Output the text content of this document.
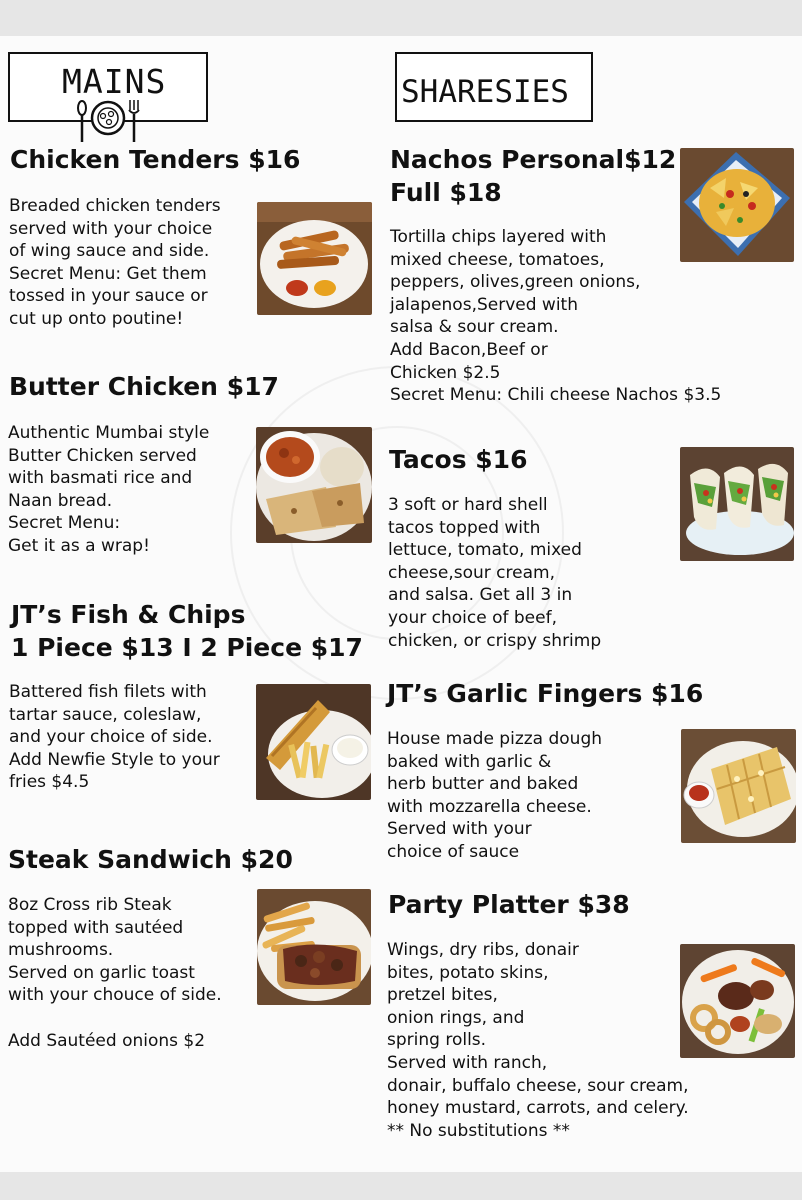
MAINS	SHARESIES
Chicken Tenders $16
Breaded chicken tenders
served with your choice
of wing sauce and side.
Secret Menu: Get them
tossed in your sauce or
cut up onto poutine!
Butter Chicken $17
Authentic Mumbai style
Butter Chicken served
with basmati rice and
Naan bread.
Secret Menu:
Get it as a wrap!
JT’s Fish & Chips
1 Piece $13 I 2 Piece $17
Battered fish filets with
tartar sauce, coleslaw,
and your choice of side.
Add Newfie Style to your
fries $4.5
Steak Sandwich $20
8oz Cross rib Steak
topped with sautéed
mushrooms.
Served on garlic toast
with your chouce of side.
Add Sautéed onions $2
Nachos Personal$12
Full $18
Tortilla chips layered with
mixed cheese, tomatoes,
peppers, olives,green onions,
jalapenos,Served with
salsa & sour cream.
Add Bacon,Beef or
Chicken $2.5
Secret Menu: Chili cheese Nachos $3.5
Tacos $16
3 soft or hard shell
tacos topped with
lettuce, tomato, mixed
cheese,sour cream,
and salsa. Get all 3 in
your choice of beef,
chicken, or crispy shrimp
JT’s Garlic Fingers $16
House made pizza dough
baked with garlic &
herb butter and baked
with mozzarella cheese.
Served with your
choice of sauce
Party Platter $38
Wings, dry ribs, donair
bites, potato skins,
pretzel bites,
onion rings, and
spring rolls.
Served with ranch,
donair, buffalo cheese, sour cream,
honey mustard, carrots, and celery.
** No substitutions **
